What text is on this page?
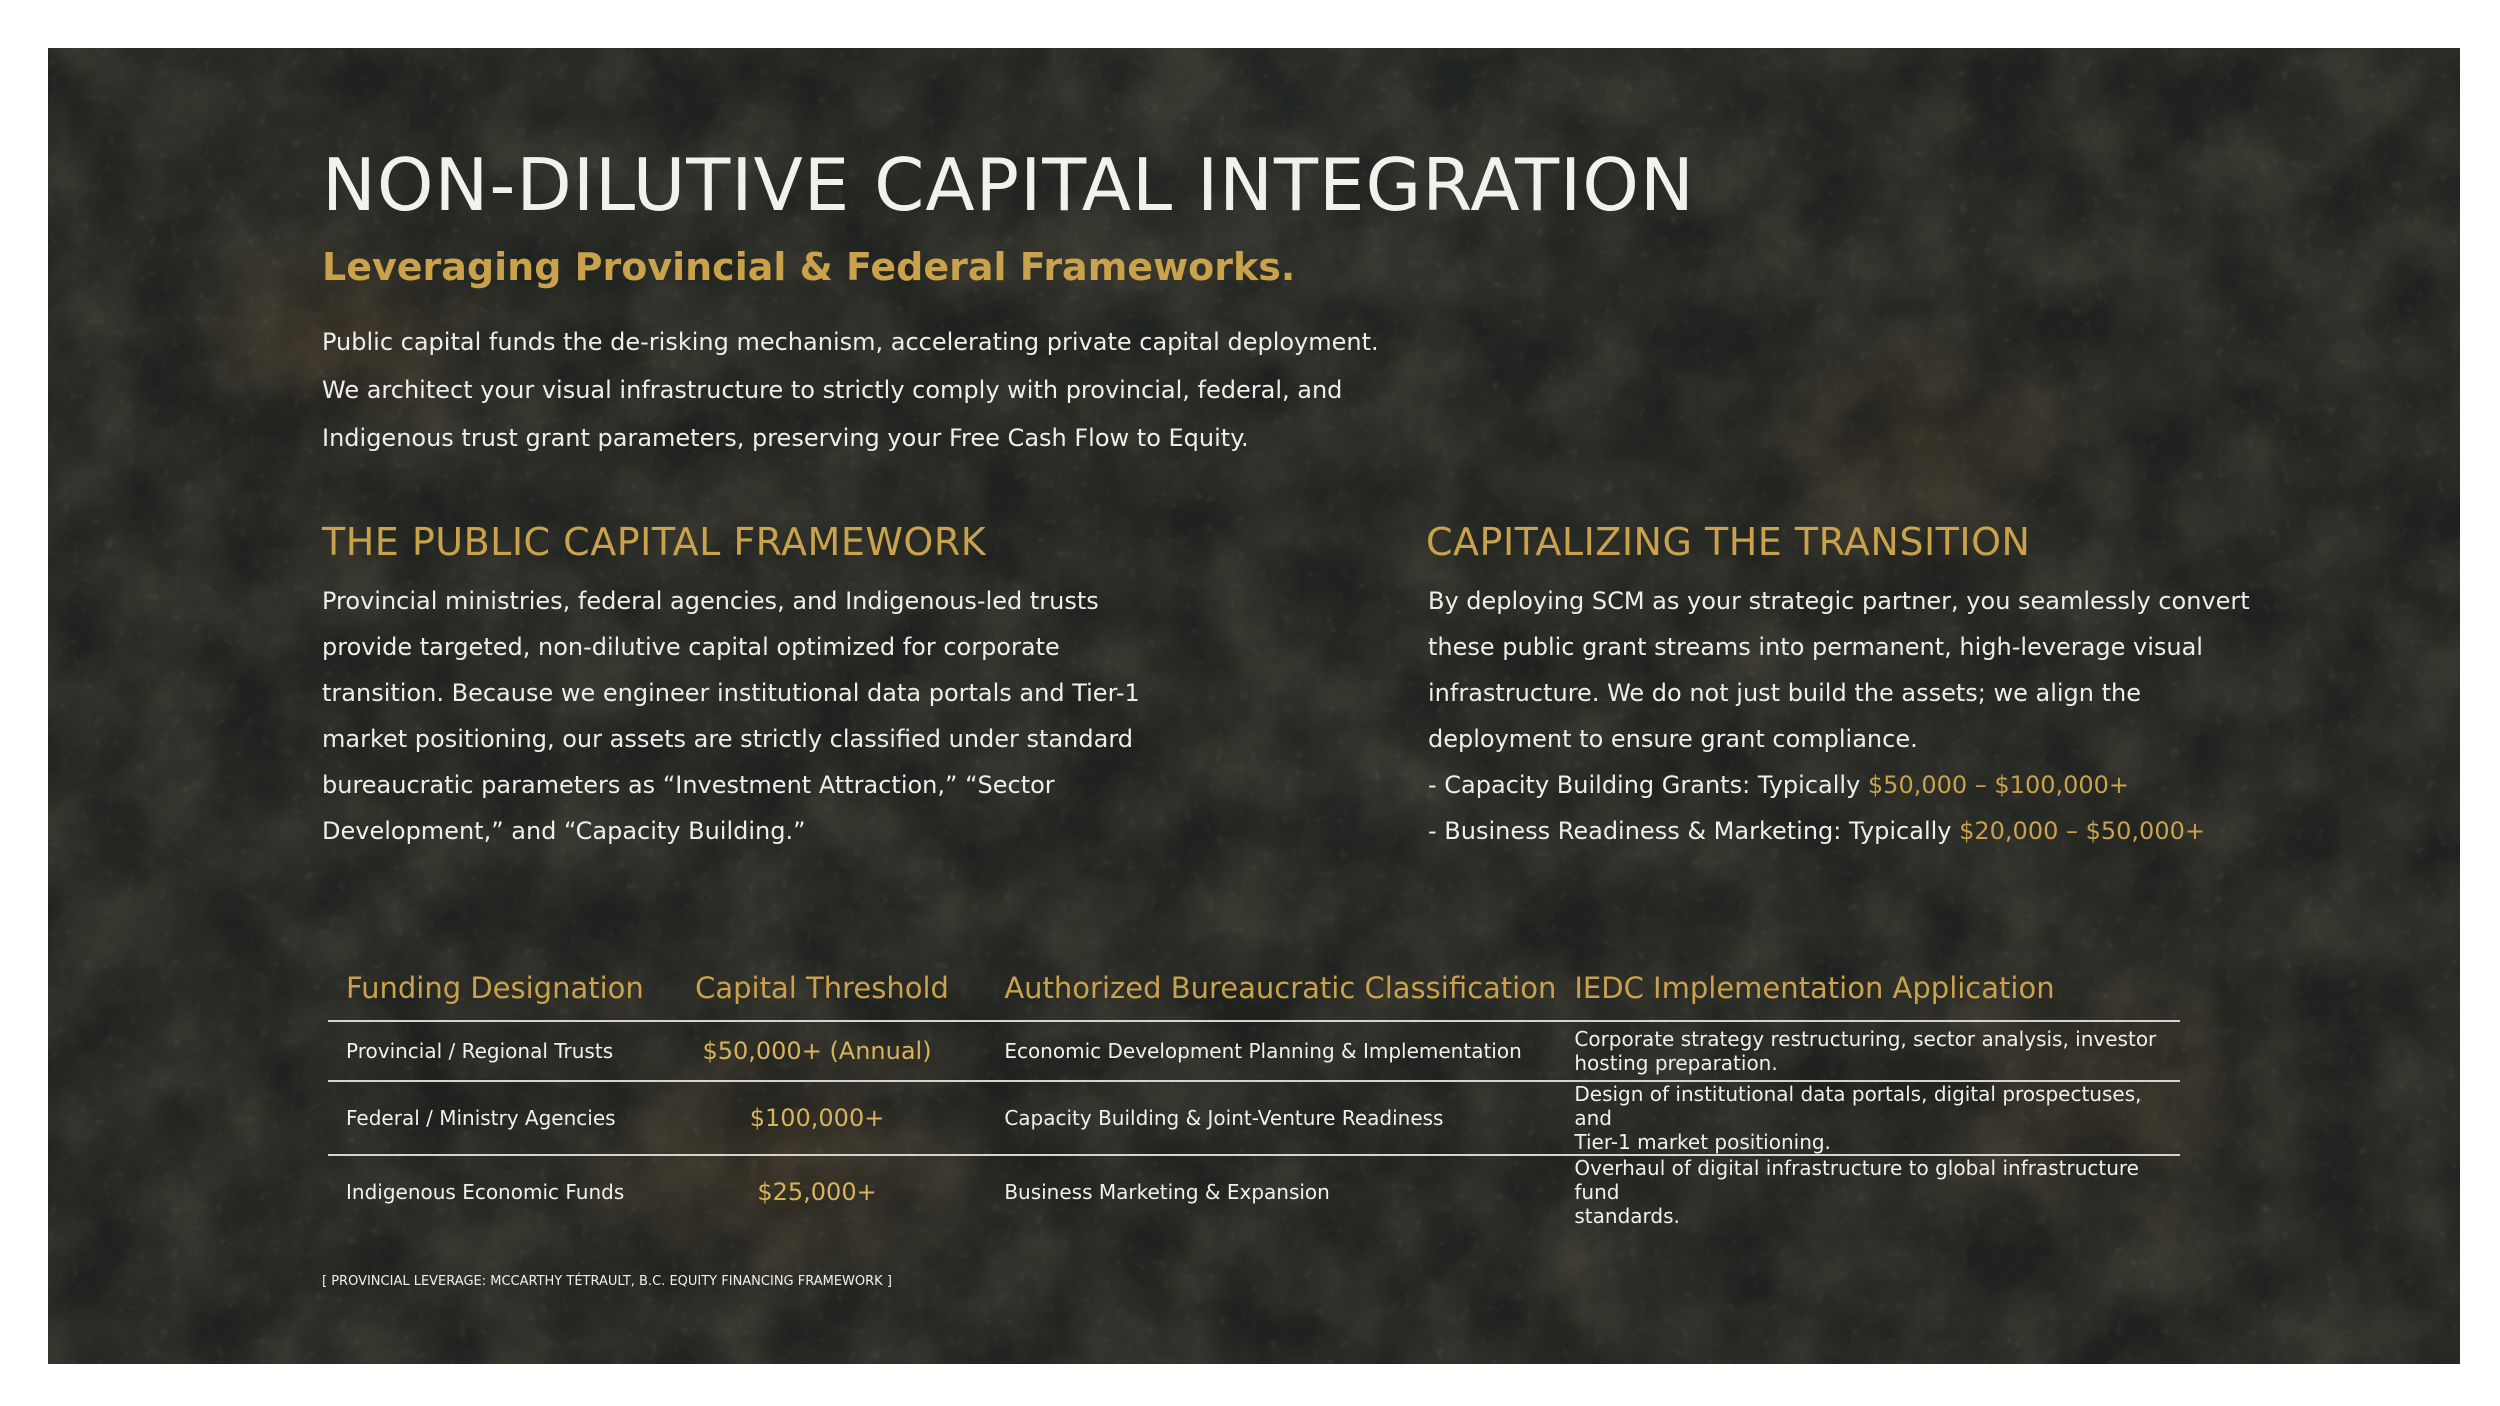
NON-DILUTIVE CAPITAL INTEGRATION
Leveraging Provincial & Federal Frameworks.
Public capital funds the de-risking mechanism, accelerating private capital deployment.
We architect your visual infrastructure to strictly comply with provincial, federal, and
Indigenous trust grant parameters, preserving your Free Cash Flow to Equity.
THE PUBLIC CAPITAL FRAMEWORK
Provincial ministries, federal agencies, and Indigenous-led trusts
provide targeted, non-dilutive capital optimized for corporate
transition. Because we engineer institutional data portals and Tier-1
market positioning, our assets are strictly classified under standard
bureaucratic parameters as “Investment Attraction,” “Sector
Development,” and “Capacity Building.”
CAPITALIZING THE TRANSITION
By deploying SCM as your strategic partner, you seamlessly convert
these public grant streams into permanent, high-leverage visual
infrastructure. We do not just build the assets; we align the
deployment to ensure grant compliance.
- Capacity Building Grants: Typically $50,000 – $100,000+
- Business Readiness & Marketing: Typically $20,000 – $50,000+
Funding Designation	Capital Threshold	Authorized Bureaucratic Classification	IEDC Implementation Application
Provincial / Regional Trusts	$50,000+ (Annual)	Economic Development Planning & Implementation	Corporate strategy restructuring, sector analysis, investor
hosting preparation.

Federal / Ministry Agencies	$100,000+	Capacity Building & Joint-Venture Readiness	Design of institutional data portals, digital prospectuses, and
Tier-1 market positioning.

Indigenous Economic Funds	$25,000+	Business Marketing & Expansion	Overhaul of digital infrastructure to global infrastructure fund
standards.
[ PROVINCIAL LEVERAGE: MCCARTHY TÉTRAULT, B.C. EQUITY FINANCING FRAMEWORK ]
